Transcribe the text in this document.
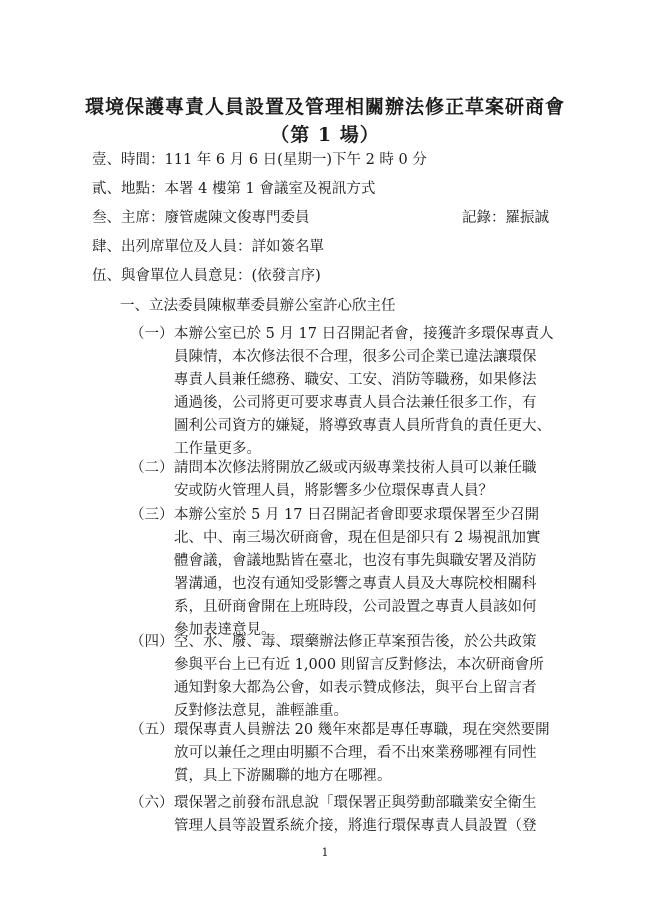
環境保護專責人員設置及管理相關辦法修正草案研商會
（第 1 場）
壹、時間：111 年 6 月 6 日(星期一)下午 2 時 0 分
貳、地點：本署 4 樓第 1 會議室及視訊方式
叁、主席：廢管處陳文俊專門委員	記錄：羅振誠
肆、出列席單位及人員：詳如簽名單
伍、與會單位人員意見：(依發言序)
一、立法委員陳椒華委員辦公室許心欣主任
（一） 本辦公室已於 5 月 17 日召開記者會，接獲許多環保專責人
員陳情，本次修法很不合理，很多公司企業已違法讓環保
專責人員兼任總務、職安、工安、消防等職務，如果修法
通過後，公司將更可要求專責人員合法兼任很多工作，有
圖利公司資方的嫌疑，將導致專責人員所背負的責任更大、
工作量更多。
（二） 請問本次修法將開放乙級或丙級專業技術人員可以兼任職
安或防火管理人員，將影響多少位環保專責人員？
（三） 本辦公室於 5 月 17 日召開記者會即要求環保署至少召開
北、中、南三場次研商會，現在但是卻只有 2 場視訊加實
體會議，會議地點皆在臺北，也沒有事先與職安署及消防
署溝通，也沒有通知受影響之專責人員及大專院校相關科
系，且研商會開在上班時段，公司設置之專責人員該如何
參加表達意見。
（四） 空、水、廢、毒、環藥辦法修正草案預告後，於公共政策
參與平台上已有近 1,000 則留言反對修法，本次研商會所
通知對象大都為公會，如表示贊成修法，與平台上留言者
反對修法意見，誰輕誰重。
（五） 環保專責人員辦法 20 幾年來都是專任專職，現在突然要開
放可以兼任之理由明顯不合理，看不出來業務哪裡有同性
質，具上下游關聯的地方在哪裡。
（六） 環保署之前發布訊息說「環保署正與勞動部職業安全衛生
管理人員等設置系統介接，將進行環保專責人員設置（登
1
